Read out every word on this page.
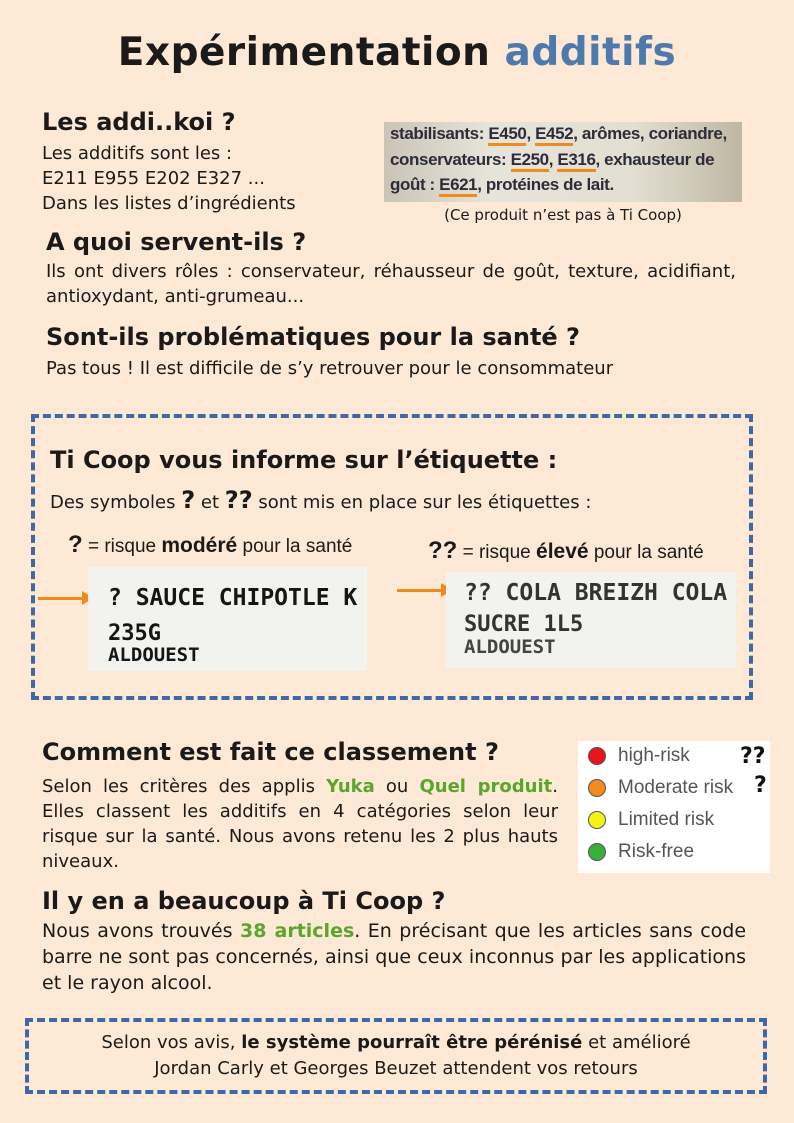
Expérimentation additifs
Les addi..koi ?

Les additifs sont les :

E211 E955 E202 E327 ...

Dans les listes d’ingrédients

stabilisants: E450, E452, arômes, coriandre,
conservateurs: E250, E316, exhausteur de
goût : E621, protéines de lait.

(Ce produit n’est pas à Ti Coop)

A quoi servent-ils ?

Ils ont divers rôles : conservateur, réhausseur de goût, texture, acidifiant, antioxydant, anti-grumeau...

Sont-ils problématiques pour la santé ?

Pas tous ! Il est difficile de s’y retrouver pour le consommateur

Ti Coop vous informe sur l’étiquette :

Des symboles ? et ?? sont mis en place sur les étiquettes :

? = risque modéré pour la santé	?? = risque élevé pour la santé

? SAUCE CHIPOTLE K
235G
ALDOUEST
?? COLA BREIZH COLA
SUCRE 1L5
ALDOUEST
Comment est fait ce classement ?

Selon les critères des applis Yuka ou Quel produit. Elles classent les additifs en 4 catégories selon leur risque sur la santé. Nous avons retenu les 2 plus hauts niveaux.

high-risk ??
Moderate risk ?
Limited risk
Risk-free
Il y en a beaucoup à Ti Coop ?

Nous avons trouvés 38 articles. En précisant que les articles sans code barre ne sont pas concernés, ainsi que ceux inconnus par les applications et le rayon alcool.

Selon vos avis, le système pourraît être pérénisé et amélioré

Jordan Carly et Georges Beuzet attendent vos retours
